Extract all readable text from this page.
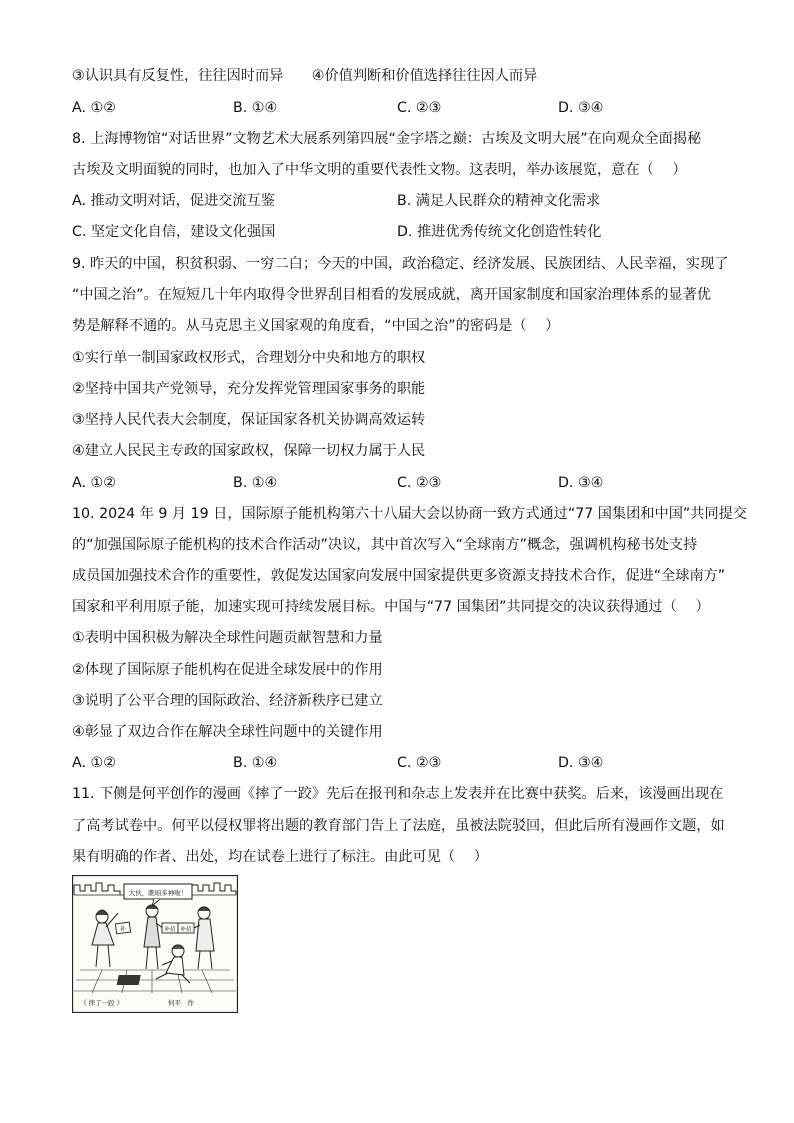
③认识具有反复性，往往因时而异　　④价值判断和价值选择往往因人而异
A. ①②	B. ①④	C. ②③	D. ③④
8. 上海博物馆“对话世界”文物艺术大展系列第四展“金字塔之巅：古埃及文明大展”在向观众全面揭秘
古埃及文明面貌的同时，也加入了中华文明的重要代表性文物。这表明，举办该展览，意在（　 ）
A. 推动文明对话，促进交流互鉴	B. 满足人民群众的精神文化需求
C. 坚定文化自信，建设文化强国	D. 推进优秀传统文化创造性转化
9. 昨天的中国，积贫积弱、一穷二白；今天的中国，政治稳定、经济发展、民族团结、人民幸福，实现了
“中国之治”。在短短几十年内取得令世界刮目相看的发展成就，离开国家制度和国家治理体系的显著优
势是解释不通的。从马克思主义国家观的角度看，“中国之治”的密码是（　 ）
①实行单一制国家政权形式，合理划分中央和地方的职权
②坚持中国共产党领导，充分发挥党管理国家事务的职能
③坚持人民代表大会制度，保证国家各机关协调高效运转
④建立人民民主专政的国家政权，保障一切权力属于人民
A. ①②	B. ①④	C. ②③	D. ③④
10. 2024 年 9 月 19 日，国际原子能机构第六十八届大会以协商一致方式通过“77 国集团和中国”共同提交
的“加强国际原子能机构的技术合作活动”决议，其中首次写入“全球南方”概念，强调机构秘书处支持
成员国加强技术合作的重要性，敦促发达国家向发展中国家提供更多资源支持技术合作，促进“全球南方”
国家和平利用原子能，加速实现可持续发展目标。中国与“77 国集团”共同提交的决议获得通过（　 ）
①表明中国积极为解决全球性问题贡献智慧和力量
②体现了国际原子能机构在促进全球发展中的作用
③说明了公平合理的国际政治、经济新秩序已建立
④彰显了双边合作在解决全球性问题中的关键作用
A. ①②	B. ①④	C. ②③	D. ③④
11. 下侧是何平创作的漫画《摔了一跤》先后在报刊和杂志上发表并在比赛中获奖。后来，该漫画出现在
了高考试卷中。何平以侵权罪将出题的教育部门告上了法庭，虽被法院驳回，但此后所有漫画作文题，如
果有明确的作者、出处，均在试卷上进行了标注。由此可见（　 ）
大伙，瞧咱多神啦！
补	补招 补招
《 摔了一跤 》	何平　作
